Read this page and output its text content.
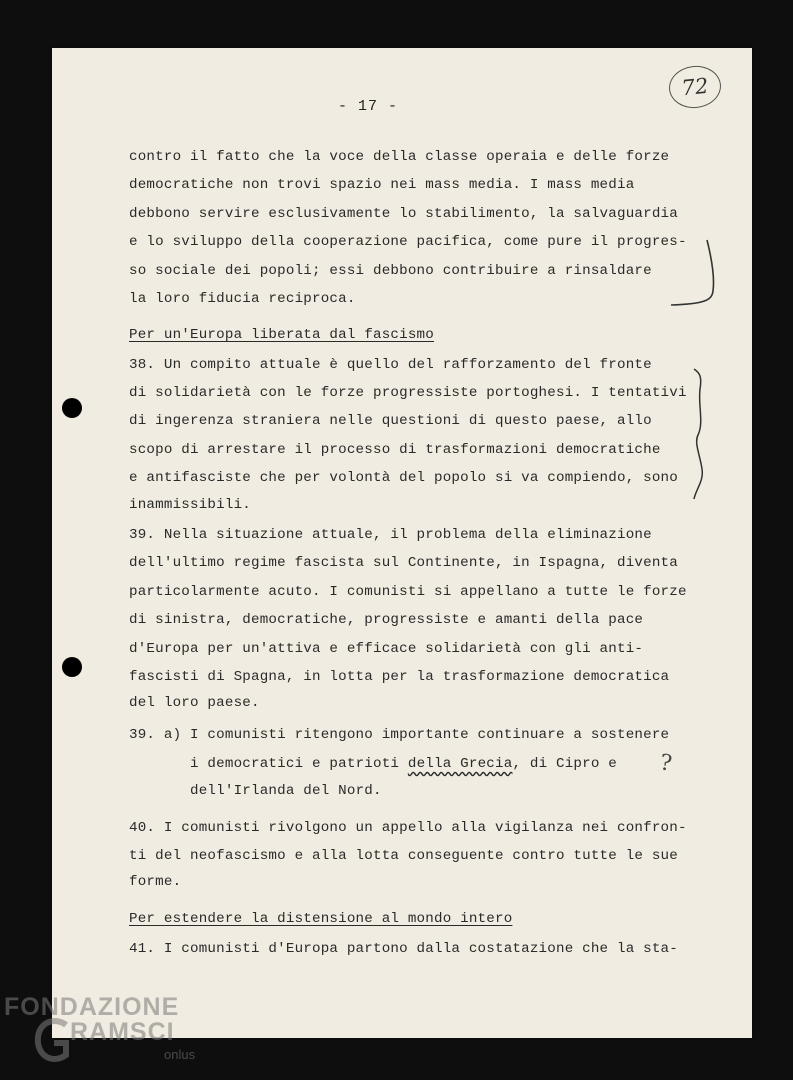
- 17 -
72
contro il fatto che la voce della classe operaia e delle forze
democratiche non trovi spazio nei mass media. I mass media
debbono servire esclusivamente lo stabilimento, la salvaguardia
e lo sviluppo della cooperazione pacifica, come pure il progres-
so sociale dei popoli; essi debbono contribuire a rinsaldare
la loro fiducia reciproca.
Per un'Europa liberata dal fascismo
38. Un compito attuale è quello del rafforzamento del fronte
di solidarietà con le forze progressiste portoghesi. I tentativi
di ingerenza straniera nelle questioni di questo paese, allo
scopo di arrestare il processo di trasformazioni democratiche
e antifasciste che per volontà del popolo si va compiendo, sono
inammissibili.
39. Nella situazione attuale, il problema della eliminazione
dell'ultimo regime fascista sul Continente, in Ispagna, diventa
particolarmente acuto. I comunisti si appellano a tutte le forze
di sinistra, democratiche, progressiste e amanti della pace
d'Europa per un'attiva e efficace solidarietà con gli anti-
fascisti di Spagna, in lotta per la trasformazione democratica
del loro paese.
39. a) I comunisti ritengono importante continuare a sostenere
i democratici e patrioti della Grecia, di Cipro e
dell'Irlanda del Nord.
40. I comunisti rivolgono un appello alla vigilanza nei confron-
ti del neofascismo e alla lotta conseguente contro tutte le sue
forme.
Per estendere la distensione al mondo intero
41. I comunisti d'Europa partono dalla costatazione che la sta-
?
FONDAZIONE
RAMSCI
onlus
